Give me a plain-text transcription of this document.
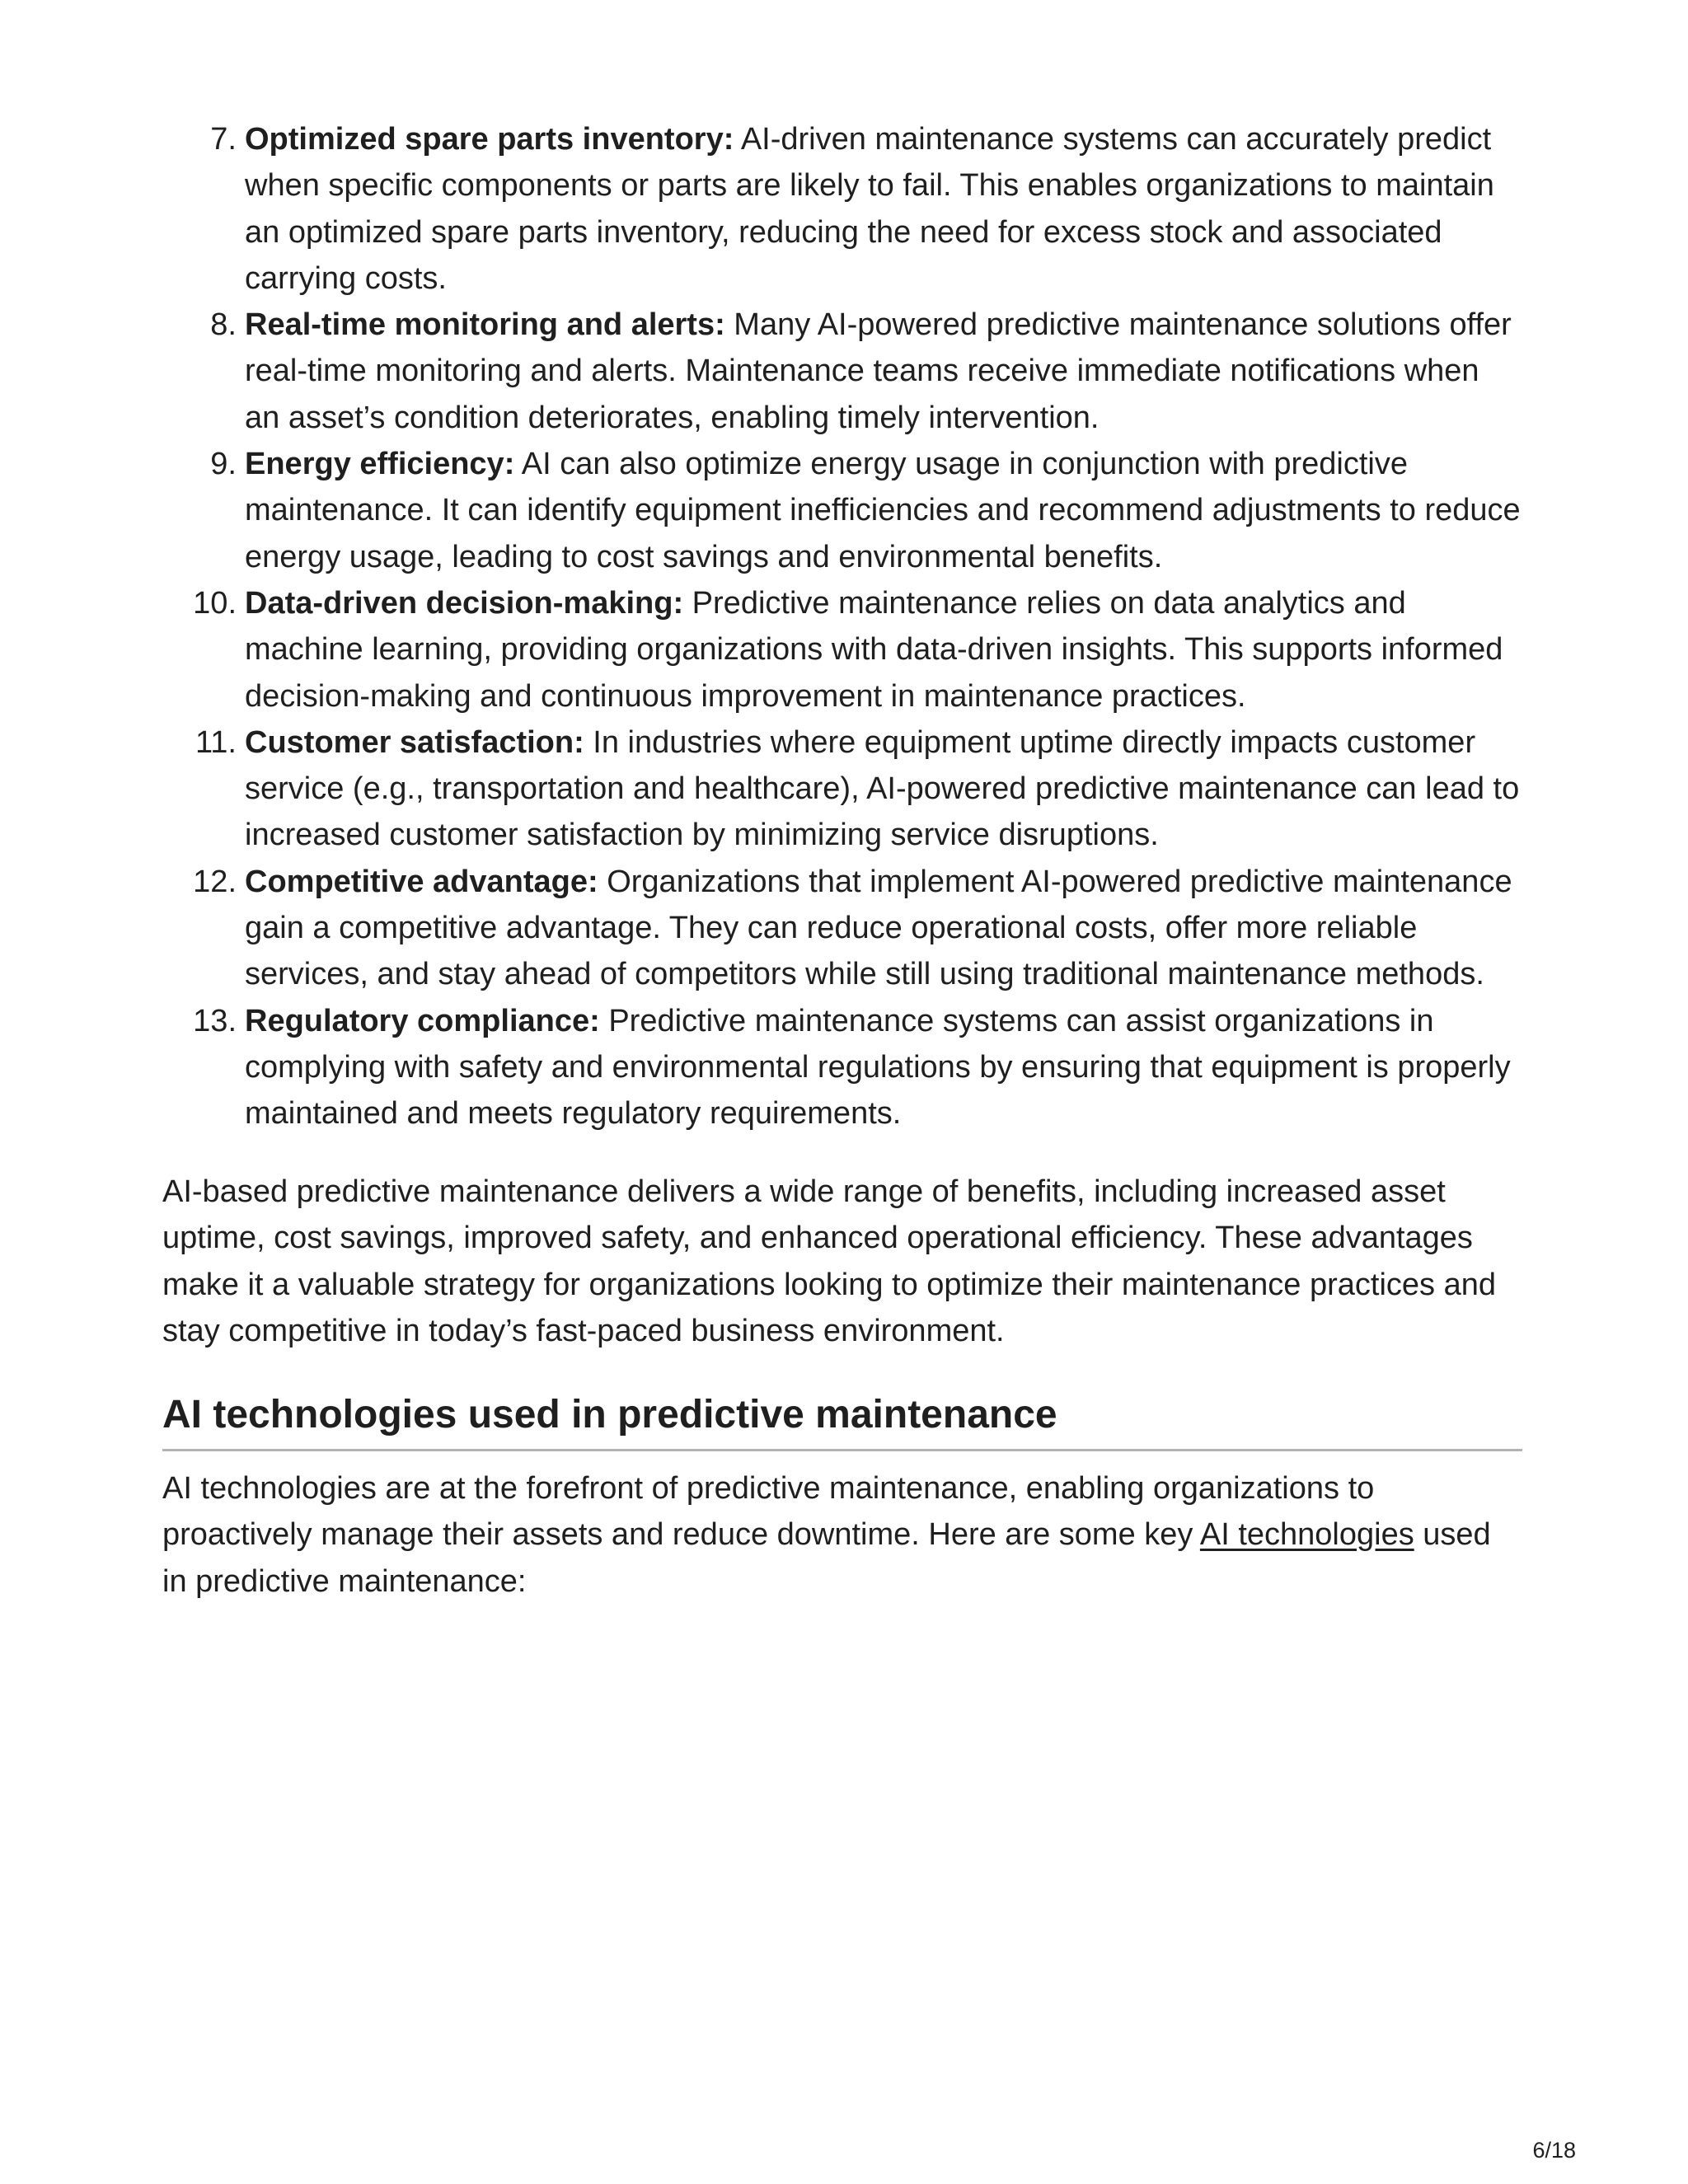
7. Optimized spare parts inventory: AI-driven maintenance systems can accurately predict when specific components or parts are likely to fail. This enables organizations to maintain an optimized spare parts inventory, reducing the need for excess stock and associated carrying costs.
8. Real-time monitoring and alerts: Many AI-powered predictive maintenance solutions offer real-time monitoring and alerts. Maintenance teams receive immediate notifications when an asset’s condition deteriorates, enabling timely intervention.
9. Energy efficiency: AI can also optimize energy usage in conjunction with predictive maintenance. It can identify equipment inefficiencies and recommend adjustments to reduce energy usage, leading to cost savings and environmental benefits.
10. Data-driven decision-making: Predictive maintenance relies on data analytics and machine learning, providing organizations with data-driven insights. This supports informed decision-making and continuous improvement in maintenance practices.
11. Customer satisfaction: In industries where equipment uptime directly impacts customer service (e.g., transportation and healthcare), AI-powered predictive maintenance can lead to increased customer satisfaction by minimizing service disruptions.
12. Competitive advantage: Organizations that implement AI-powered predictive maintenance gain a competitive advantage. They can reduce operational costs, offer more reliable services, and stay ahead of competitors while still using traditional maintenance methods.
13. Regulatory compliance: Predictive maintenance systems can assist organizations in complying with safety and environmental regulations by ensuring that equipment is properly maintained and meets regulatory requirements.

AI-based predictive maintenance delivers a wide range of benefits, including increased asset uptime, cost savings, improved safety, and enhanced operational efficiency. These advantages make it a valuable strategy for organizations looking to optimize their maintenance practices and stay competitive in today’s fast-paced business environment.

AI technologies used in predictive maintenance

AI technologies are at the forefront of predictive maintenance, enabling organizations to proactively manage their assets and reduce downtime. Here are some key AI technologies used in predictive maintenance:

6/18
